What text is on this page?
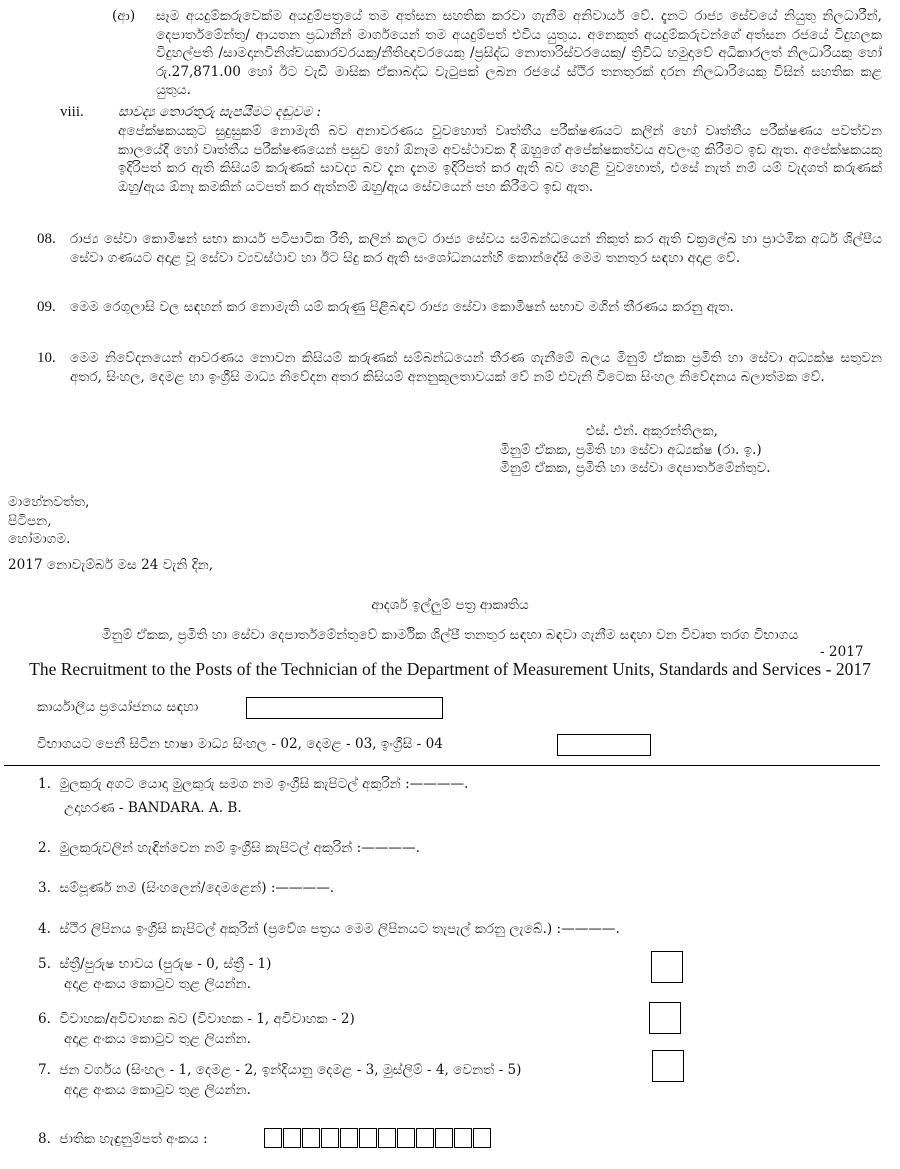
(ආ) සෑම අයදුම්කරුවෙක්ම අයදුම්පත්‍රයේ තම අත්සන සහතික කරවා ගැනීම අනිවාර්ය වේ. දැනට රාජ්‍ය සේවයේ නියුතු නිලධාරීන්, දෙපාර්තමේන්තු/ ආයතන ප්‍රධානීන් මාර්ගයෙන් තම අයදුම්පත් එවිය යුතුය. අනෙකුත් අයදුම්කරුවන්ගේ අත්සන රජයේ විදුහලක විදුහල්පති /සාමදානවිනිශ්චයකාරවරයකු/නීතිඥවරයෙකු /ප්‍රසිද්ධ නොතාරිස්වරයෙකු/ ත්‍රිවිධ හමුදාවේ අධිකාරලත් නිලධාරියකු හෝ රු.27,871.00 හෝ ඊට වැඩි මාසික ඒකාබද්ධ වැටුපක් ලබන රජයේ ස්ථිර තනතුරක් දරන නිලධාරියෙකු විසින් සහතික කළ යුතුය.
viii.	සාවද්‍ය තොරතුරු සැපයීමට දඬුවම :
අපේක්ෂකයකුට සුදුසුකම් නොමැති බව අනාවරණය වුවහොත් වෘත්තීය පරීක්ෂණයට කලින් හෝ වෘත්තීය පරීක්ෂණය පවත්වන කාලයේදී හෝ වෘත්තීය පරීක්ෂණයෙන් පසුව හෝ ඕනෑම අවස්ථාවක දී ඔහුගේ අපේක්ෂකත්වය අවලංගු කිරීමට ඉඩ ඇත. අපේක්ෂකයකු ඉදිරිපත් කර ඇති කිසියම් කරුණක් සාවද්‍ය බව දැන දැනම ඉදිරිපත් කර ඇති බව හෙළි වුවහොත්, එසේ නැත් නම් යම් වැදගත් කරුණක් ඔහු/ඇය ඕනෑ කමකින් යටපත් කර ඇත්නම් ඔහු/ඇය සේවයෙන් පහ කිරීමට ඉඩ ඇත.
08. රාජ්‍ය සේවා කොමිෂන් සභා කාර්ය පටිපාටික රීති, කලින් කලට රාජ්‍ය සේවය සම්බන්ධයෙන් නිකුත් කර ඇති චක්‍රලේඛ හා ප්‍රාථමික අර්ධ ශිල්පීය සේවා ගණයට අදාළ වූ සේවා ව්‍යවස්ථාව හා ඊට සිදු කර ඇති සංශෝධනයන්හි කොන්දේසි මෙම තනතුර සඳහා අදාළ වේ.
09. මෙම රෙගුලාසි වල සඳහන් කර නොමැති යම් කරුණු පිළිබඳව රාජ්‍ය සේවා කොමිෂන් සභාව මගින් තීරණය කරනු ඇත.
10. මෙම නිවේදනයෙන් ආවරණය නොවන කිසියම් කරුණක් සම්බන්ධයෙන් තීරණ ගැනීමේ බලය මිනුම් ඒකක ප්‍රමිති හා සේවා අධ්‍යක්ෂ සතුවන අතර, සිංහල, දෙමළ හා ඉංග්‍රීසි මාධ්‍ය නිවේදන අතර කිසියම් අනනුකූලතාවයක් වේ නම් එවැනි විටෙක සිංහල නිවේදනය බලාත්මක වේ.
එස්. එන්. අකුරන්තිලක,
මිනුම් ඒකක, ප්‍රමිති හා සේවා අධ්‍යක්ෂ (රා. ඉ.)
මිනුම් ඒකක, ප්‍රමිති හා සේවා දෙපාර්තමේන්තුව.
මාහේනවත්ත,
පිටිපන,
හෝමාගම.
2017 නොවැම්බර් මස 24 වැනි දින,
ආදර්ශ ඉල්ලුම් පත්‍ර ආකෘතිය
මිනුම් ඒකක, ප්‍රමිති හා සේවා දෙපාර්තමේන්තුවේ කාර්මික ශිල්පී තනතුර සඳහා බඳවා ගැනීම සඳහා වන විවෘත තරග විභාගය
- 2017
The Recruitment to the Posts of the Technician of the Department of Measurement Units, Standards and Services - 2017
කාර්යාලීය ප්‍රයෝජනය සඳහා
විභාගයට පෙනී සිටින භාෂා මාධ්‍ය සිංහල - 02, දෙමළ - 03, ඉංග්‍රීසි - 04
1. මුලකුරු අගට යොදා මුලකුරු සමග නම ඉංග්‍රීසි කැපිටල් අකුරින් :————.
උදාහරණ - BANDARA. A. B.
2. මුලකුරුවලින් හැඳින්වෙන නම් ඉංග්‍රීසි කැපිටල් අකුරින් :————.
3. සම්පූර්ණ නම (සිංහලෙන්/දෙමළෙන්) :————.
4. ස්ථිර ලිපිනය ඉංග්‍රීසි කැපිටල් අකුරින් (ප්‍රවේශ පත්‍රය මෙම ලිපිනයට තැපැල් කරනු ලැබේ.) :————.
5. ස්ත්‍රී/පුරුෂ භාවය (පුරුෂ - 0, ස්ත්‍රී - 1)
අදාළ අංකය කොටුව තුළ ලියන්න.
6. විවාහක/අවිවාහක බව (විවාහක - 1, අවිවාහක - 2)
අදාළ අංකය කොටුව තුළ ලියන්න.
7. ජන වර්ගය (සිංහල - 1, දෙමළ - 2, ඉන්දියානු දෙමළ - 3, මුස්ලිම් - 4, වෙනත් - 5)
අදාළ අංකය කොටුව තුළ ලියන්න.
8. ජාතික හැඳුනුම්පත් අංකය :
